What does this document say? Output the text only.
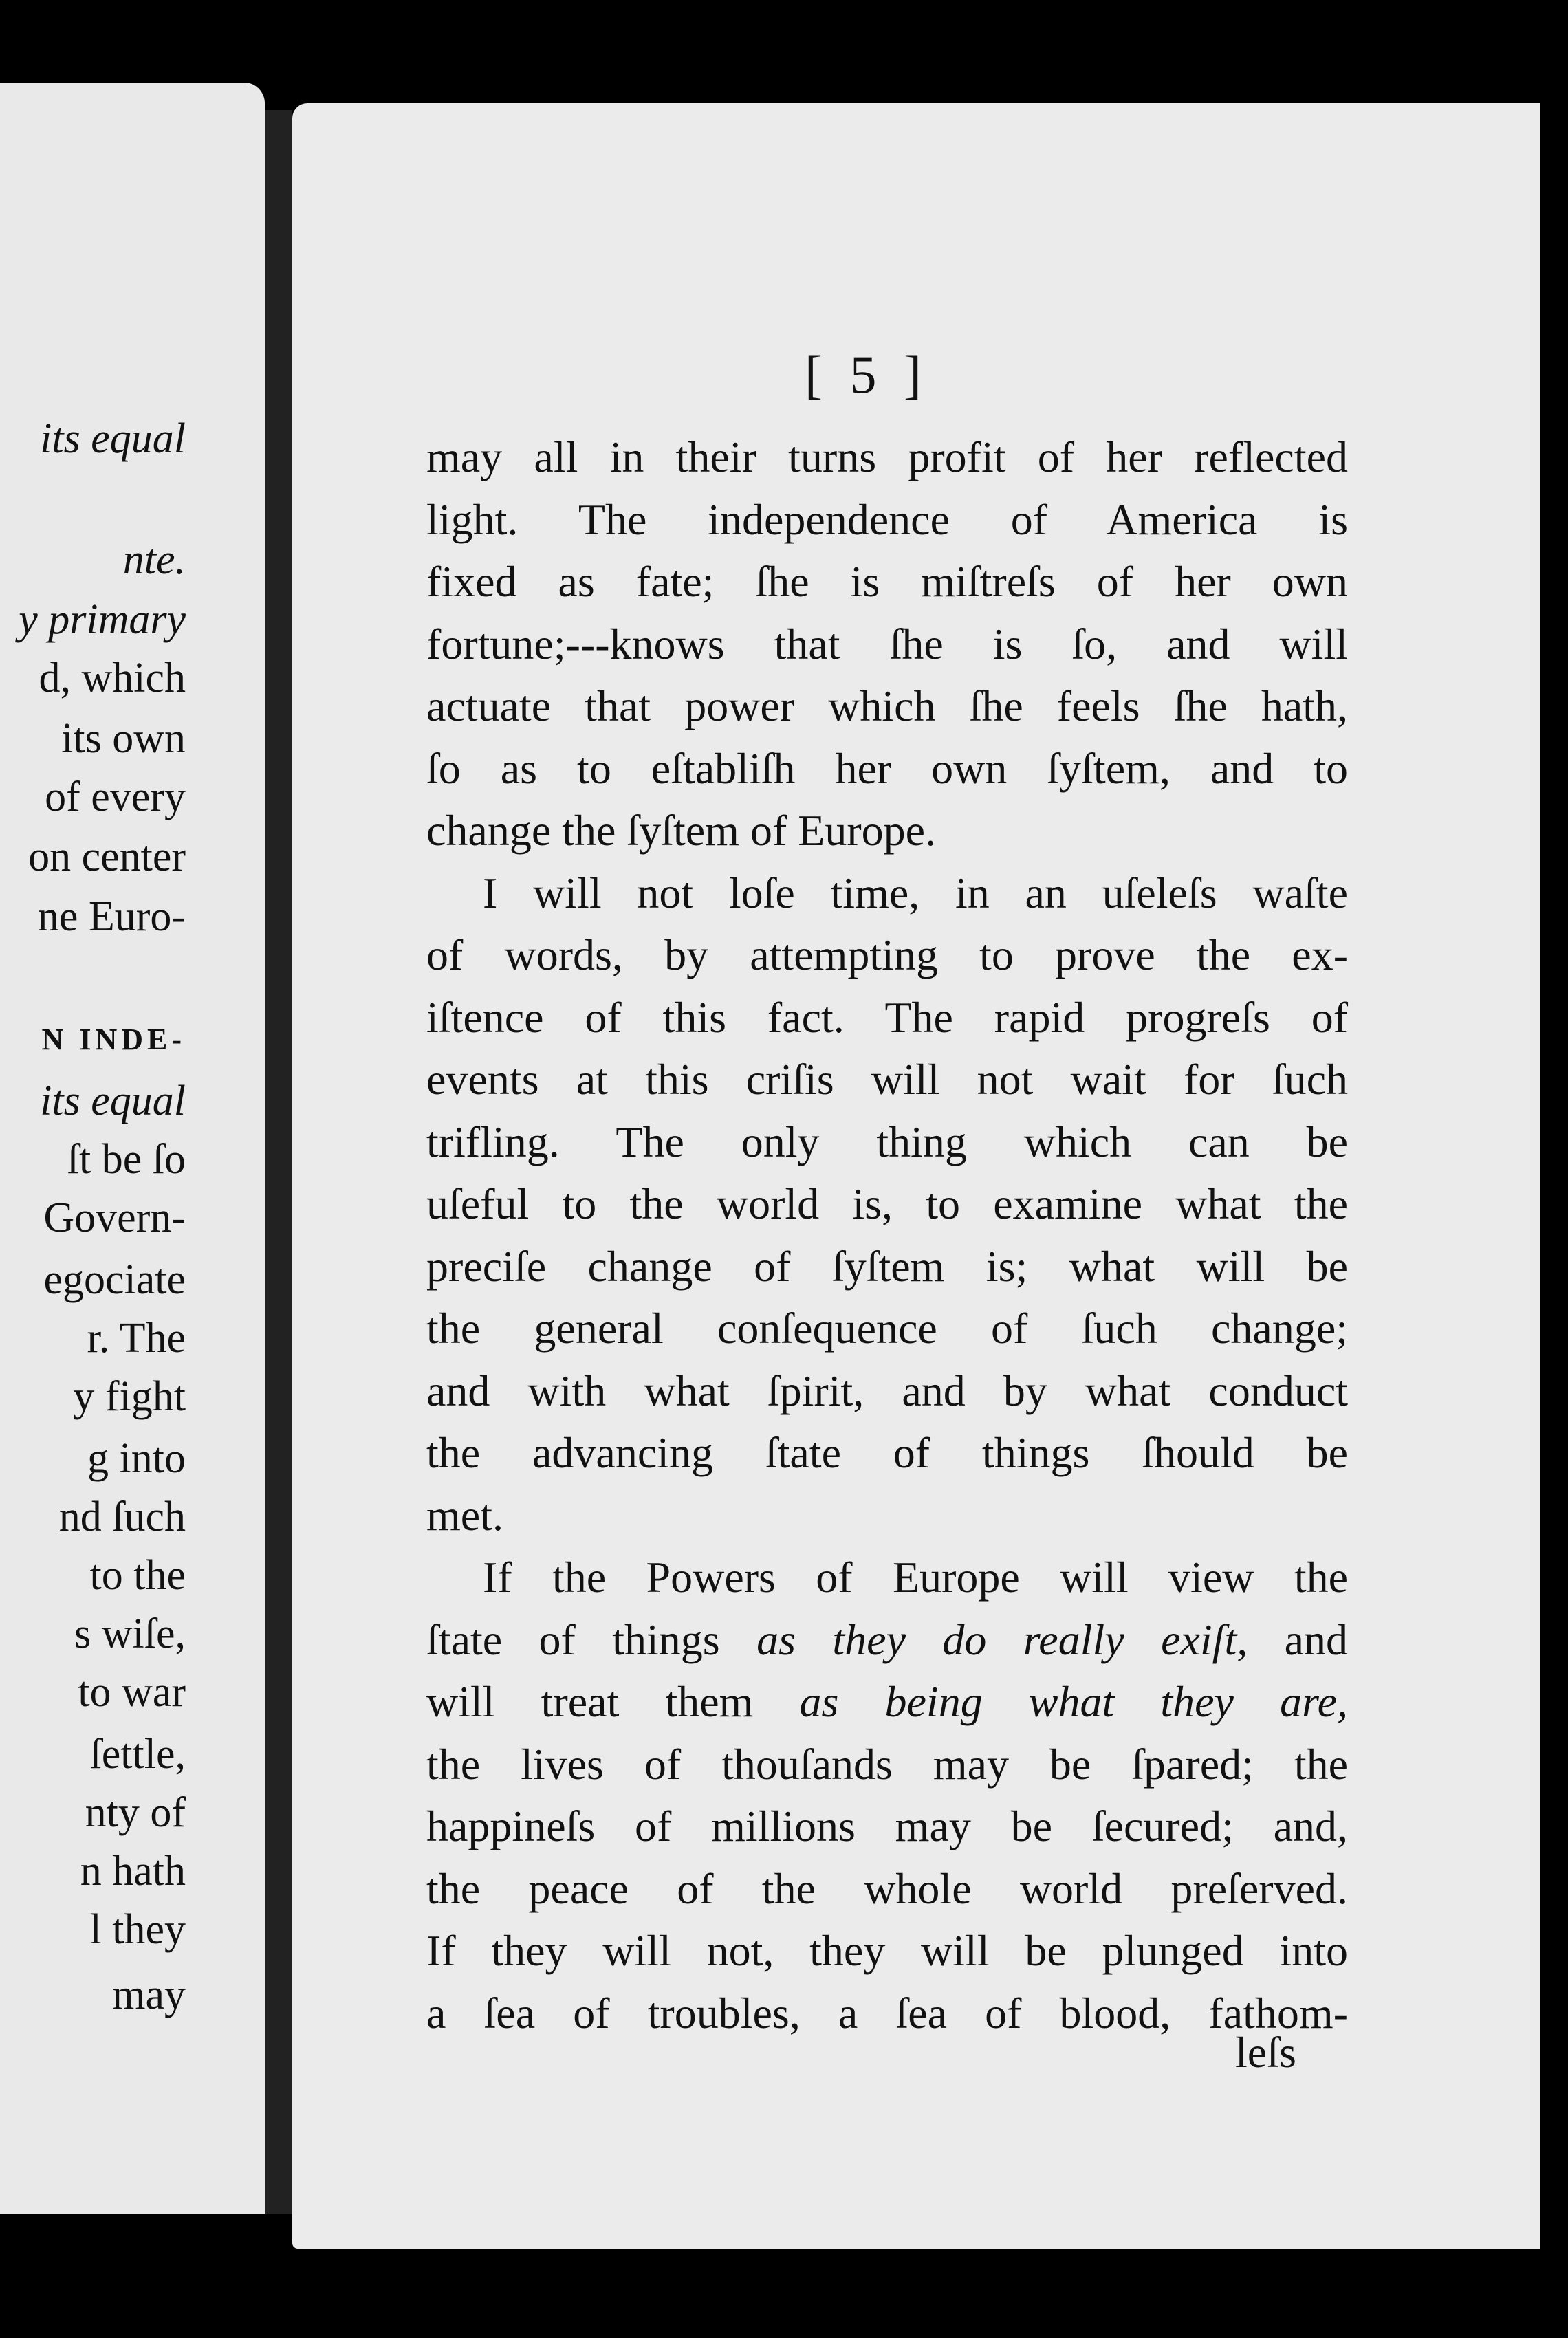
its equal
nte.
y primary
d, which
its own
of every
on center
ne Euro-
N INDE-
its equal
ſt be ſo
Govern-
egociate
r. The
y fight
g into
nd ſuch
to the
s wiſe,
to war
ſettle,
nty of
n hath
l they
may
[ 5 ]
may all in their turns profit of her reflected
light. The independence of America is
fixed as fate; ſhe is miſtreſs of her own
fortune;---knows that ſhe is ſo, and will
actuate that power which ſhe feels ſhe hath,
ſo as to eſtabliſh her own ſyſtem, and to
change the ſyſtem of Europe.
I will not loſe time, in an uſeleſs waſte
of words, by attempting to prove the ex-
iſtence of this fact. The rapid progreſs of
events at this criſis will not wait for ſuch
trifling. The only thing which can be
uſeful to the world is, to examine what the
preciſe change of ſyſtem is; what will be
the general conſequence of ſuch change;
and with what ſpirit, and by what conduct
the advancing ſtate of things ſhould be
met.
If the Powers of Europe will view the
ſtate of things as they do really exiſt, and
will treat them as being what they are,
the lives of thouſands may be ſpared; the
happineſs of millions may be ſecured; and,
the peace of the whole world preſerved.
If they will not, they will be plunged into
a ſea of troubles, a ſea of blood, fathom-
leſs
